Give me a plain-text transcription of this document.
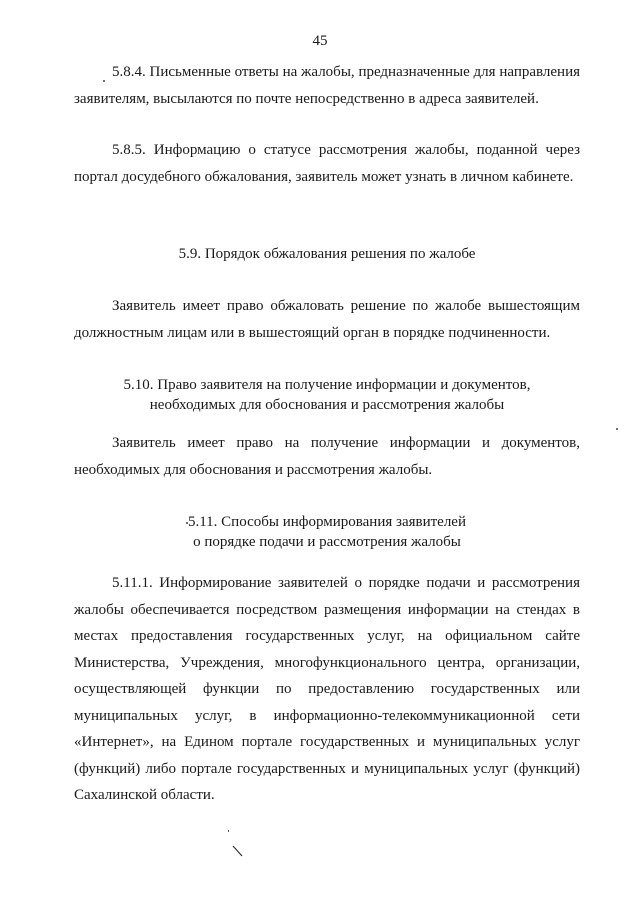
45

5.8.4. Письменные ответы на жалобы, предназначенные для направления заявителям, высылаются по почте непосредственно в адреса заявителей.

5.8.5. Информацию о статусе рассмотрения жалобы, поданной через портал досудебного обжалования, заявитель может узнать в личном кабинете.

5.9. Порядок обжалования решения по жалобе

Заявитель имеет право обжаловать решение по жалобе вышестоящим должностным лицам или в вышестоящий орган в порядке подчиненности.

5.10. Право заявителя на получение информации и документов,
необходимых для обоснования и рассмотрения жалобы

Заявитель имеет право на получение информации и документов, необходимых для обоснования и рассмотрения жалобы.

5.11. Способы информирования заявителей
о порядке подачи и рассмотрения жалобы

5.11.1. Информирование заявителей о порядке подачи и рассмотрения жалобы обеспечивается посредством размещения информации на стендах в местах предоставления государственных услуг, на официальном сайте Министерства, Учреждения, многофункционального центра, организации, осуществляющей функции по предоставлению государственных или муниципальных услуг, в информационно-телекоммуникационной сети «Интернет», на Едином портале государственных и муниципальных услуг (функций) либо портале государственных и муниципальных услуг (функций) Сахалинской области.
